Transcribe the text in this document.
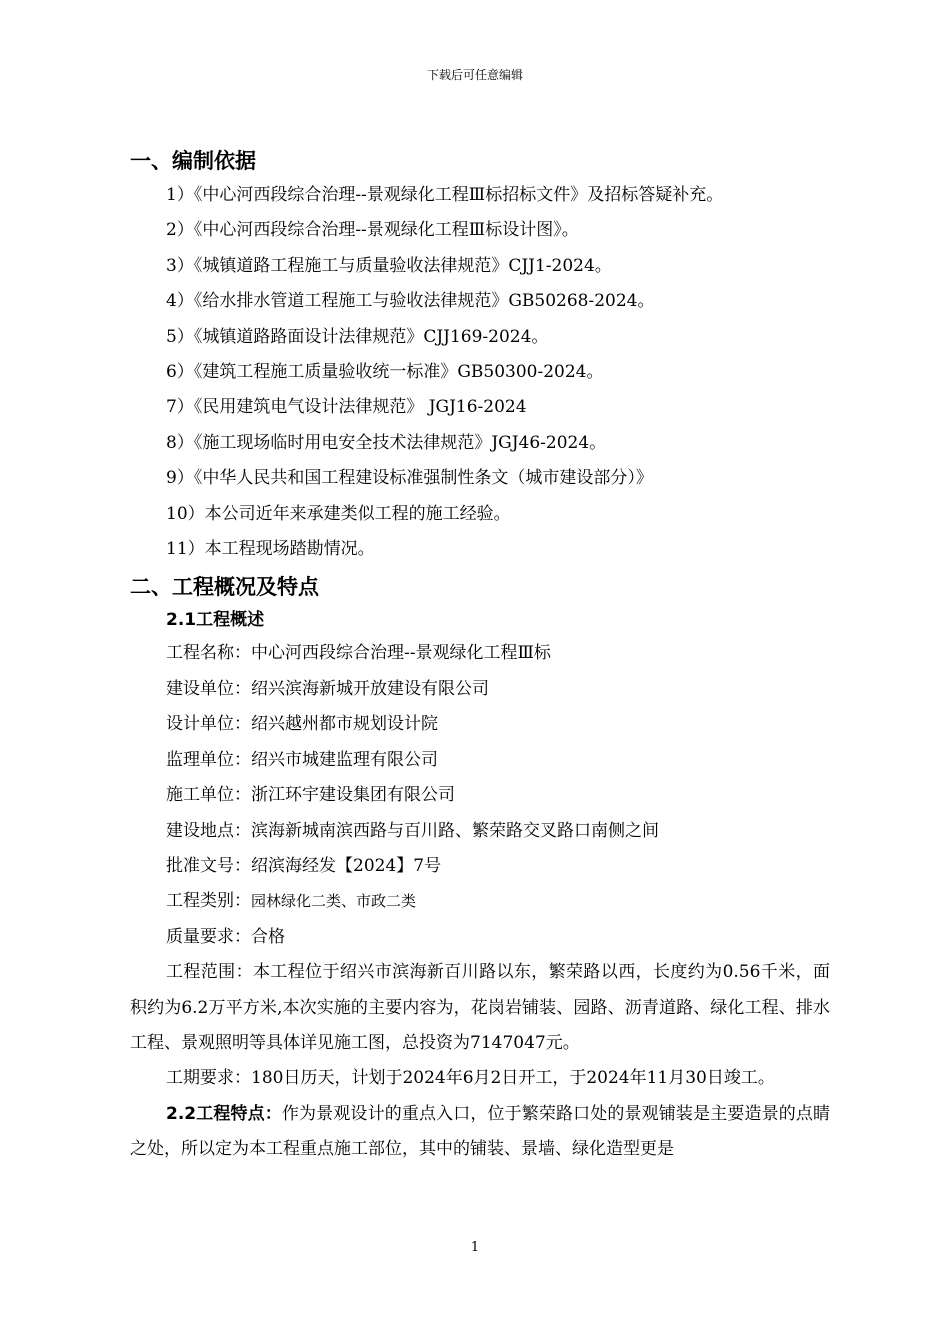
下载后可任意编辑
一、编制依据
1）《中心河西段综合治理--景观绿化工程Ⅲ标招标文件》及招标答疑补充。
2）《中心河西段综合治理--景观绿化工程Ⅲ标设计图》。
3）《城镇道路工程施工与质量验收法律规范》CJJ1-2024。
4）《给水排水管道工程施工与验收法律规范》GB50268-2024。
5）《城镇道路路面设计法律规范》CJJ169-2024。
6）《建筑工程施工质量验收统一标准》GB50300-2024。
7）《民用建筑电气设计法律规范》 JGJ16-2024
8）《施工现场临时用电安全技术法律规范》JGJ46-2024。
9）《中华人民共和国工程建设标准强制性条文（城市建设部分）》
10）本公司近年来承建类似工程的施工经验。
11）本工程现场踏勘情况。
二、工程概况及特点
2.1工程概述
工程名称：中心河西段综合治理--景观绿化工程Ⅲ标
建设单位：绍兴滨海新城开放建设有限公司
设计单位：绍兴越州都市规划设计院
监理单位：绍兴市城建监理有限公司
施工单位：浙江环宇建设集团有限公司
建设地点：滨海新城南滨西路与百川路、繁荣路交叉路口南侧之间
批准文号：绍滨海经发【2024】7号
工程类别：园林绿化二类、市政二类
质量要求：合格
工程范围：本工程位于绍兴市滨海新百川路以东，繁荣路以西，长度约为0.56千米，面积约为6.2万平方米,本次实施的主要内容为，花岗岩铺装、园路、沥青道路、绿化工程、排水工程、景观照明等具体详见施工图，总投资为7147047元。
工期要求：180日历天，计划于2024年6月2日开工，于2024年11月30日竣工。
2.2工程特点：作为景观设计的重点入口，位于繁荣路口处的景观铺装是主要造景的点睛之处，所以定为本工程重点施工部位，其中的铺装、景墙、绿化造型更是
1
